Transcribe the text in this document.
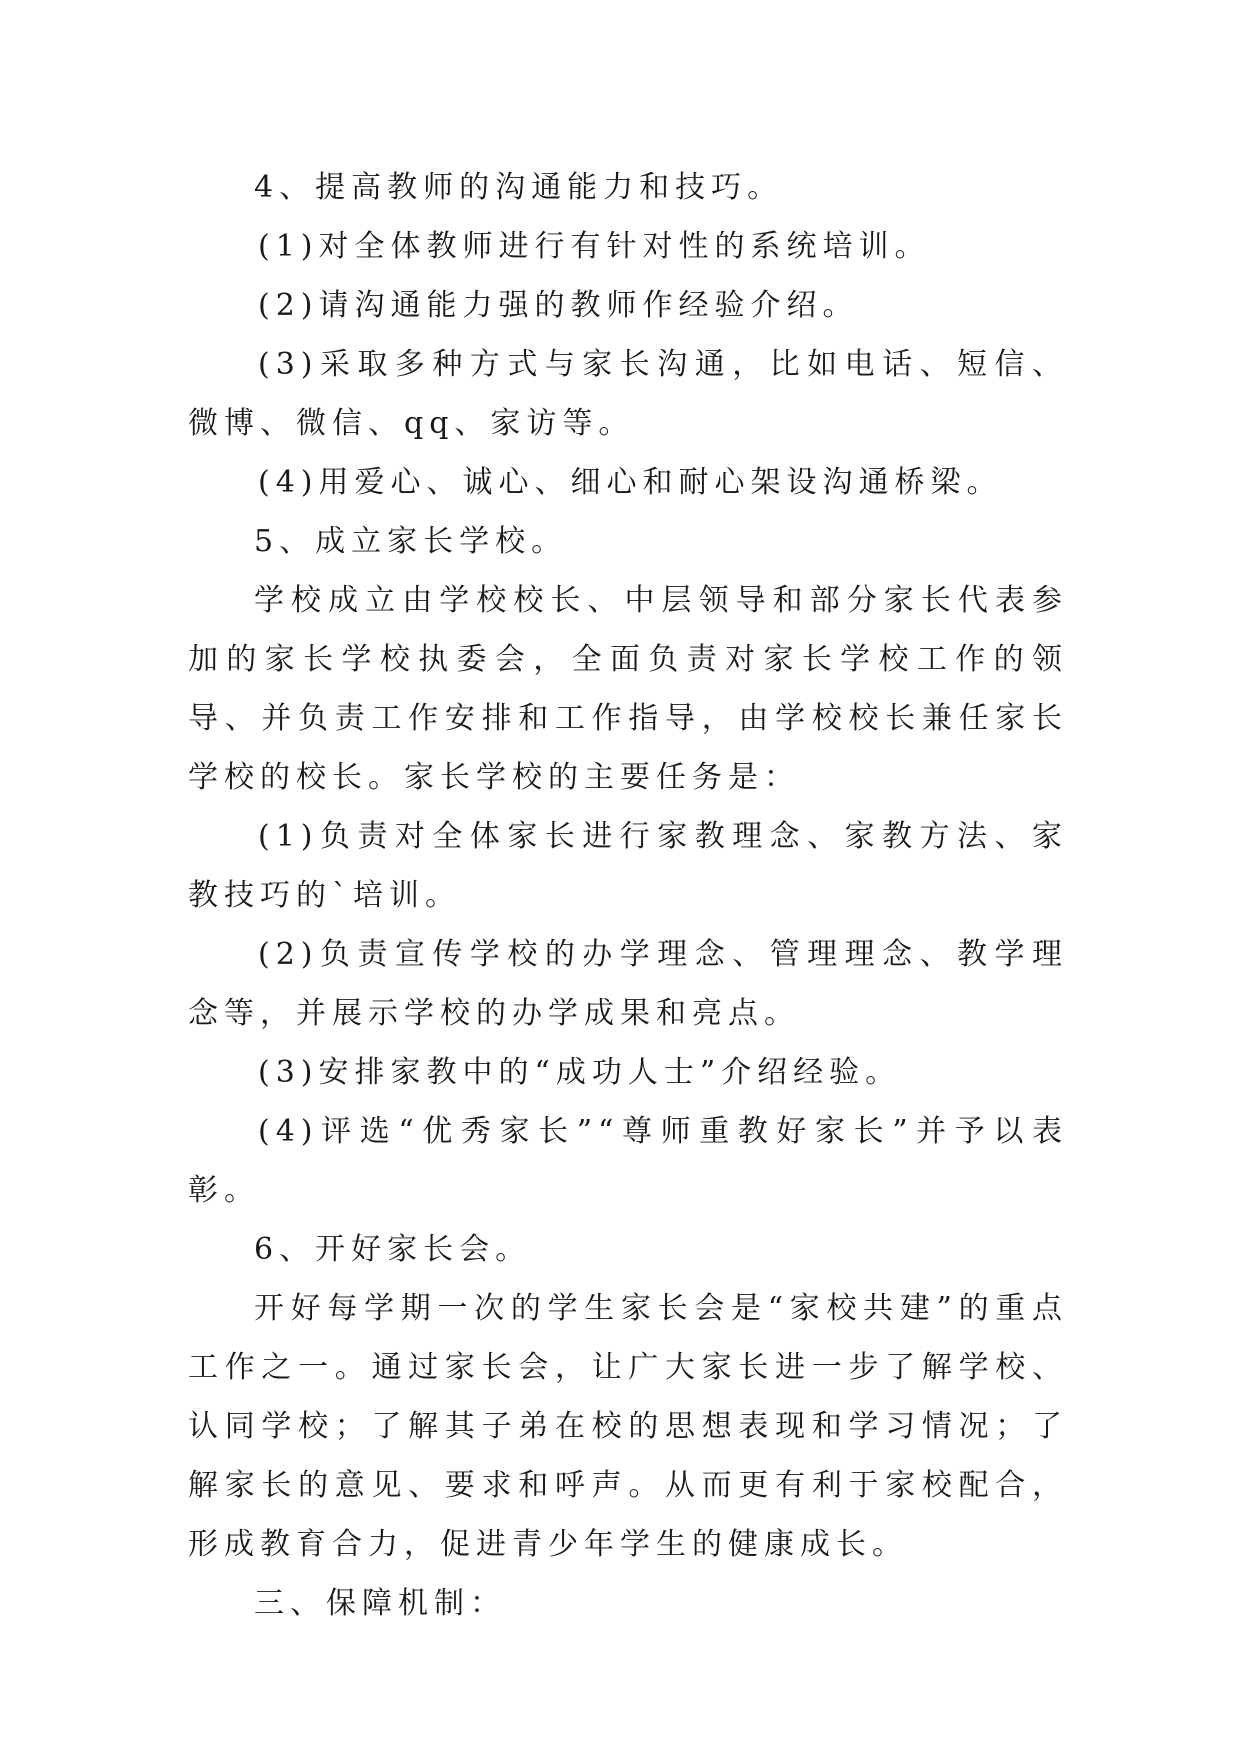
4、提高教师的沟通能力和技巧。

(1)对全体教师进行有针对性的系统培训。

(2)请沟通能力强的教师作经验介绍。

(3)采取多种方式与家长沟通，比如电话、短信、微博、微信、qq、家访等。

(4)用爱心、诚心、细心和耐心架设沟通桥梁。

5、成立家长学校。

学校成立由学校校长、中层领导和部分家长代表参加的家长学校执委会，全面负责对家长学校工作的领导、并负责工作安排和工作指导，由学校校长兼任家长学校的校长。家长学校的主要任务是：

(1)负责对全体家长进行家教理念、家教方法、家教技巧的`培训。

(2)负责宣传学校的办学理念、管理理念、教学理念等，并展示学校的办学成果和亮点。

(3)安排家教中的“成功人士”介绍经验。

(4)评选“优秀家长”“尊师重教好家长”并予以表彰。

6、开好家长会。

开好每学期一次的学生家长会是“家校共建”的重点工作之一。通过家长会，让广大家长进一步了解学校、认同学校；了解其子弟在校的思想表现和学习情况；了解家长的意见、要求和呼声。从而更有利于家校配合，形成教育合力，促进青少年学生的健康成长。

三、保障机制：
